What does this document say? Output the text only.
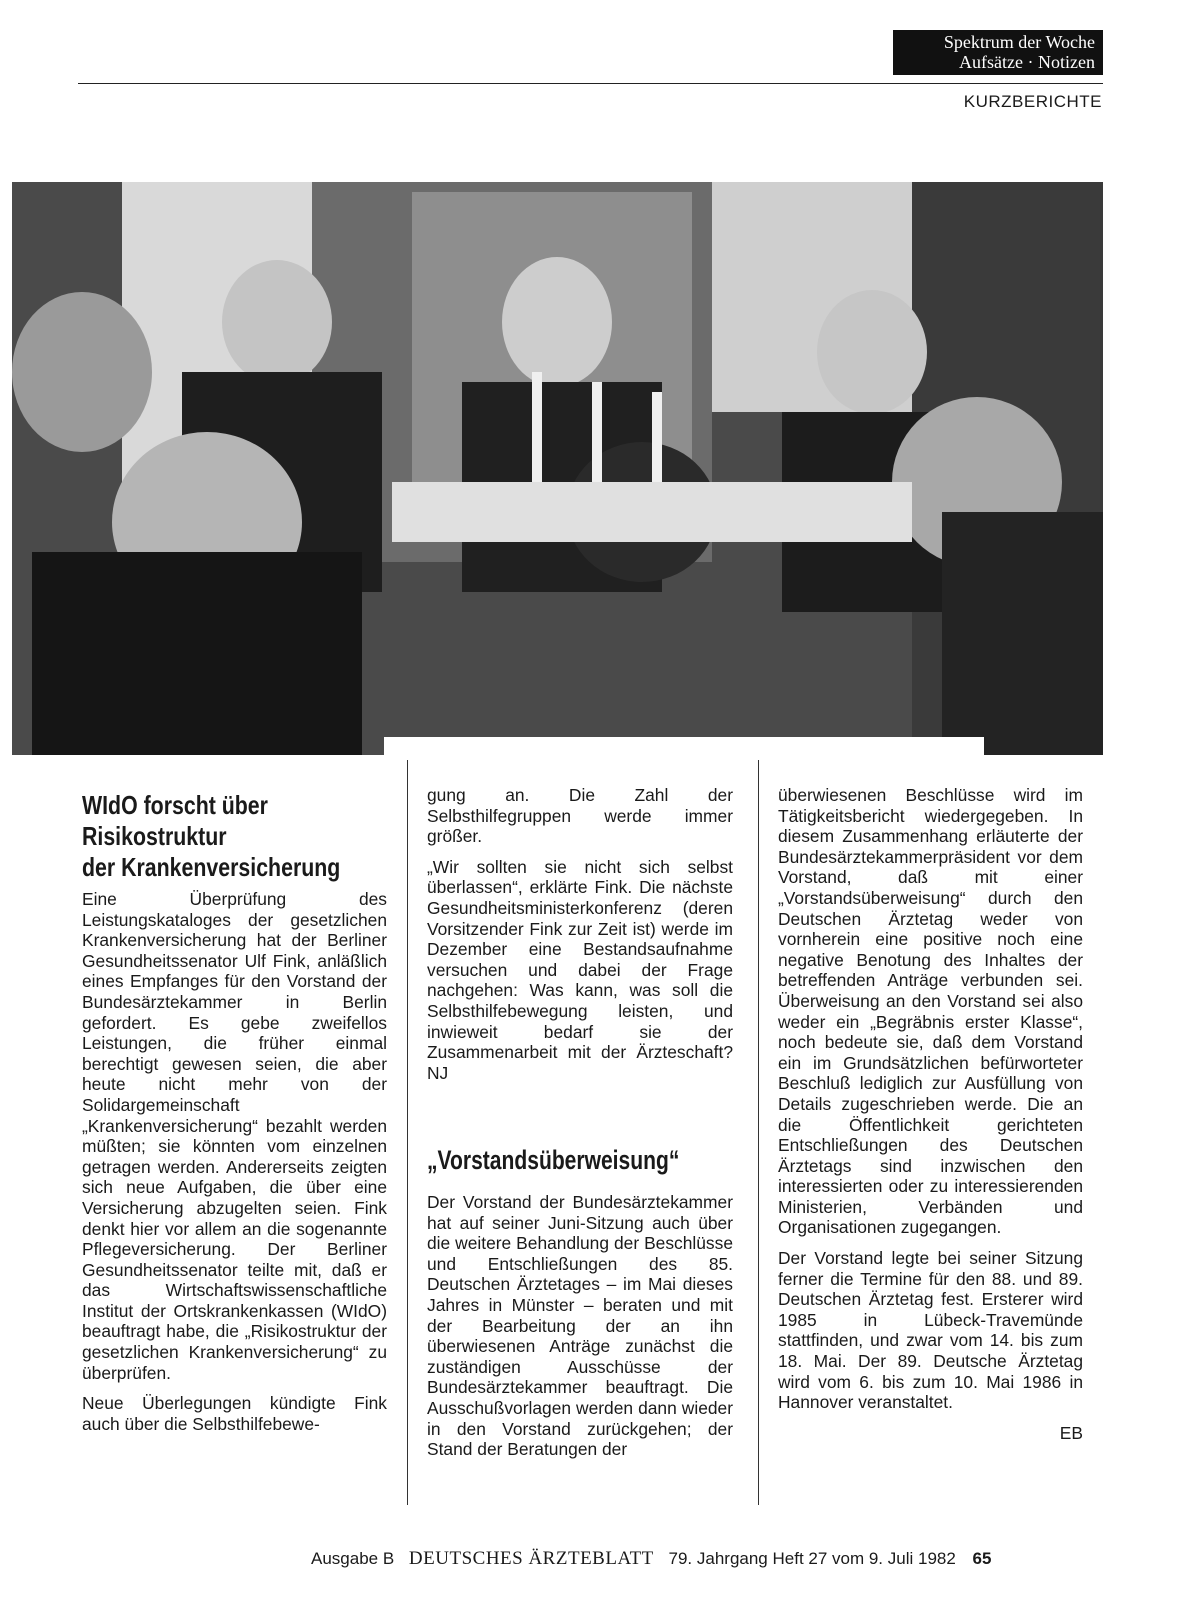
Spektrum der Woche
Aufsätze · Notizen
KURZBERICHTE
WIdO forscht über
Risikostruktur
der Krankenversicherung

Eine Überprüfung des Leistungskataloges der gesetzlichen Krankenversicherung hat der Berliner Gesundheitssenator Ulf Fink, anläßlich eines Empfanges für den Vorstand der Bundesärztekammer in Berlin gefordert. Es gebe zweifellos Leistungen, die früher einmal berechtigt gewesen seien, die aber heute nicht mehr von der Solidargemeinschaft „Krankenversicherung“ bezahlt werden müßten; sie könnten vom einzelnen getragen werden. Andererseits zeigten sich neue Aufgaben, die über eine Versicherung abzugelten seien. Fink denkt hier vor allem an die sogenannte Pflegeversicherung. Der Berliner Gesundheitssenator teilte mit, daß er das Wirtschaftswissenschaftliche Institut der Ortskrankenkassen (WIdO) beauftragt habe, die „Risikostruktur der gesetzlichen Krankenversicherung“ zu überprüfen.

Neue Überlegungen kündigte Fink auch über die Selbsthilfebewe-

gung an. Die Zahl der Selbsthilfegruppen werde immer größer.

„Wir sollten sie nicht sich selbst überlassen“, erklärte Fink. Die nächste Gesundheitsministerkonferenz (deren Vorsitzender Fink zur Zeit ist) werde im Dezember eine Bestandsaufnahme versuchen und dabei der Frage nachgehen: Was kann, was soll die Selbsthilfebewegung leisten, und inwieweit bedarf sie der Zusammenarbeit mit der Ärzteschaft? NJ

„Vorstandsüberweisung“

Der Vorstand der Bundesärztekammer hat auf seiner Juni-Sitzung auch über die weitere Behandlung der Beschlüsse und Entschließungen des 85. Deutschen Ärztetages – im Mai dieses Jahres in Münster – beraten und mit der Bearbeitung der an ihn überwiesenen Anträge zunächst die zuständigen Ausschüsse der Bundesärztekammer beauftragt. Die Ausschußvorlagen werden dann wieder in den Vorstand zurückgehen; der Stand der Beratungen der

überwiesenen Beschlüsse wird im Tätigkeitsbericht wiedergegeben. In diesem Zusammenhang erläuterte der Bundesärztekammerpräsident vor dem Vorstand, daß mit einer „Vorstandsüberweisung“ durch den Deutschen Ärztetag weder von vornherein eine positive noch eine negative Benotung des Inhaltes der betreffenden Anträge verbunden sei. Überweisung an den Vorstand sei also weder ein „Begräbnis erster Klasse“, noch bedeute sie, daß dem Vorstand ein im Grundsätzlichen befürworteter Beschluß lediglich zur Ausfüllung von Details zugeschrieben werde. Die an die Öffentlichkeit gerichteten Entschließungen des Deutschen Ärztetags sind inzwischen den interessierten oder zu interessierenden Ministerien, Verbänden und Organisationen zugegangen.

Der Vorstand legte bei seiner Sitzung ferner die Termine für den 88. und 89. Deutschen Ärztetag fest. Ersterer wird 1985 in Lübeck-Travemünde stattfinden, und zwar vom 14. bis zum 18. Mai. Der 89. Deutsche Ärztetag wird vom 6. bis zum 10. Mai 1986 in Hannover veranstaltet.

EB
Ausgabe B DEUTSCHES ÄRZTEBLATT 79. Jahrgang Heft 27 vom 9. Juli 1982 65
